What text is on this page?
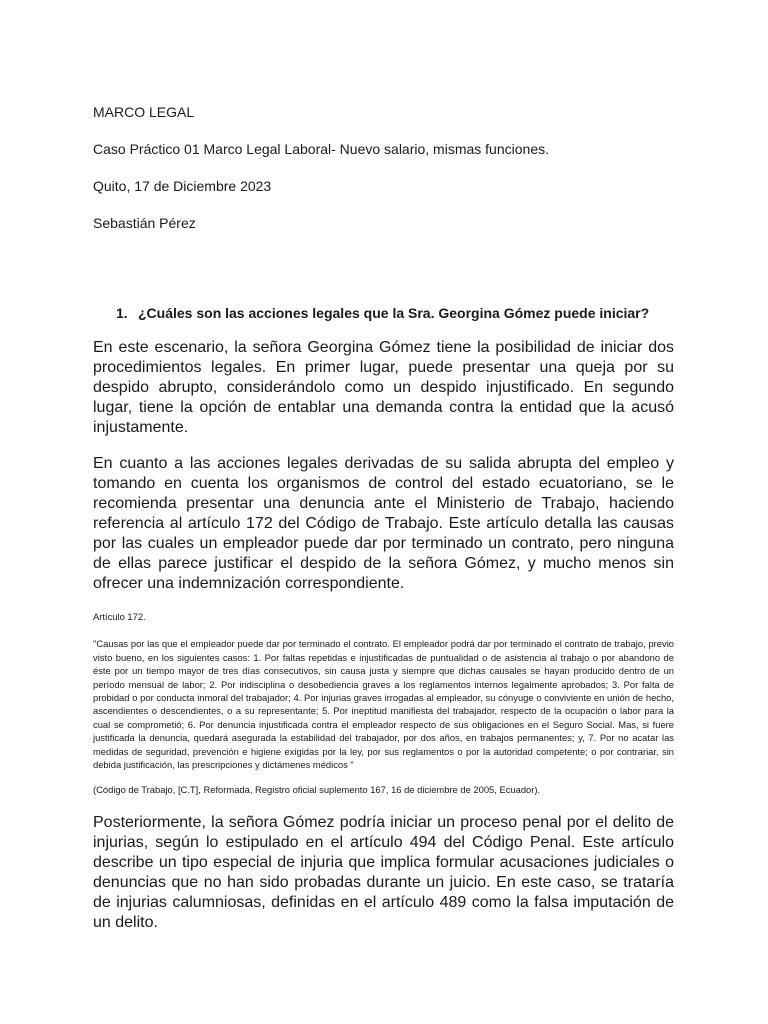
MARCO LEGAL

Caso Práctico 01 Marco Legal Laboral- Nuevo salario, mismas funciones.

Quito, 17 de Diciembre 2023

Sebastián Pérez

1. ¿Cuáles son las acciones legales que la Sra. Georgina Gómez puede iniciar?

En este escenario, la señora Georgina Gómez tiene la posibilidad de iniciar dos procedimientos legales. En primer lugar, puede presentar una queja por su despido abrupto, considerándolo como un despido injustificado. En segundo lugar, tiene la opción de entablar una demanda contra la entidad que la acusó injustamente.

En cuanto a las acciones legales derivadas de su salida abrupta del empleo y tomando en cuenta los organismos de control del estado ecuatoriano, se le recomienda presentar una denuncia ante el Ministerio de Trabajo, haciendo referencia al artículo 172 del Código de Trabajo. Este artículo detalla las causas por las cuales un empleador puede dar por terminado un contrato, pero ninguna de ellas parece justificar el despido de la señora Gómez, y mucho menos sin ofrecer una indemnización correspondiente.

Artículo 172.

"Causas por las que el empleador puede dar por terminado el contrato. El empleador podrá dar por terminado el contrato de trabajo, previo visto bueno, en los siguientes casos: 1. Por faltas repetidas e injustificadas de puntualidad o de asistencia al trabajo o por abandono de éste por un tiempo mayor de tres días consecutivos, sin causa justa y siempre que dichas causales se hayan producido dentro de un período mensual de labor; 2. Por indisciplina o desobediencia graves a los reglamentos internos legalmente aprobados; 3. Por falta de probidad o por conducta inmoral del trabajador; 4. Por injurias graves irrogadas al empleador, su cónyuge o conviviente en unión de hecho, ascendientes o descendientes, o a su representante; 5. Por ineptitud manifiesta del trabajador, respecto de la ocupación o labor para la cual se comprometió; 6. Por denuncia injustificada contra el empleador respecto de sus obligaciones en el Seguro Social. Mas, si fuere justificada la denuncia, quedará asegurada la estabilidad del trabajador, por dos años, en trabajos permanentes; y, 7. Por no acatar las medidas de seguridad, prevención e higiene exigidas por la ley, por sus reglamentos o por la autoridad competente; o por contrariar, sin debida justificación, las prescripciones y dictámenes médicos "

(Código de Trabajo, [C.T], Reformada, Registro oficial suplemento 167, 16 de diciembre de 2005, Ecuador).

Posteriormente, la señora Gómez podría iniciar un proceso penal por el delito de injurias, según lo estipulado en el artículo 494 del Código Penal. Este artículo describe un tipo especial de injuria que implica formular acusaciones judiciales o denuncias que no han sido probadas durante un juicio. En este caso, se trataría de injurias calumniosas, definidas en el artículo 489 como la falsa imputación de un delito.
